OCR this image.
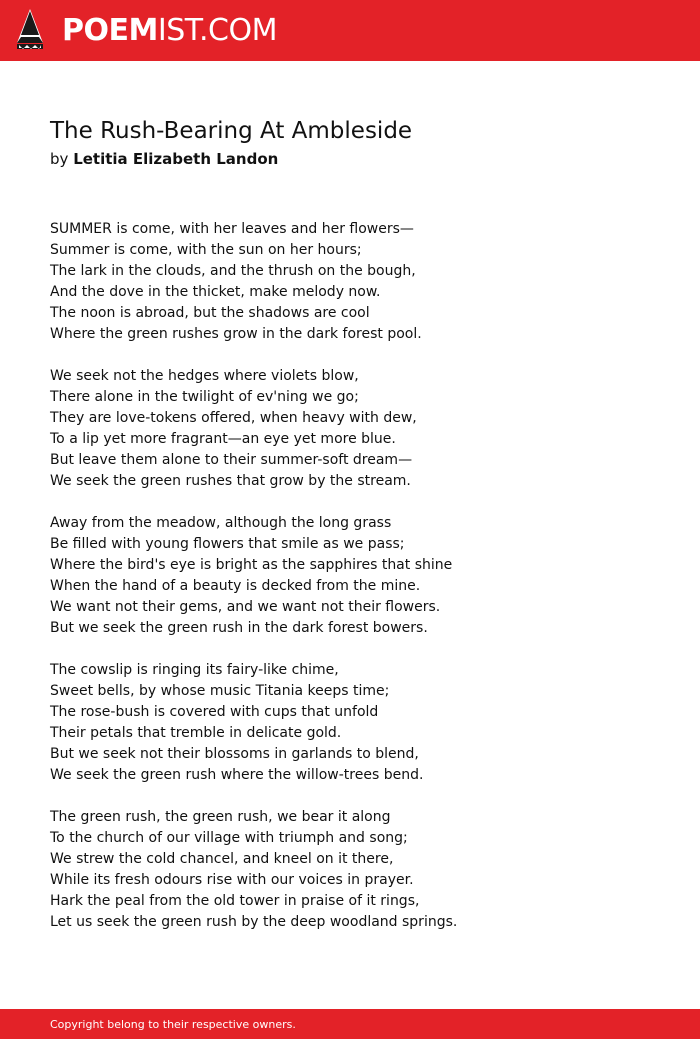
POEMIST.COM
The Rush-Bearing At Ambleside
by Letitia Elizabeth Landon
SUMMER is come, with her leaves and her flowers—
Summer is come, with the sun on her hours;
The lark in the clouds, and the thrush on the bough,
And the dove in the thicket, make melody now.
The noon is abroad, but the shadows are cool
Where the green rushes grow in the dark forest pool.
We seek not the hedges where violets blow,
There alone in the twilight of ev'ning we go;
They are love-tokens offered, when heavy with dew,
To a lip yet more fragrant—an eye yet more blue.
But leave them alone to their summer-soft dream—
We seek the green rushes that grow by the stream.
Away from the meadow, although the long grass
Be filled with young flowers that smile as we pass;
Where the bird's eye is bright as the sapphires that shine
When the hand of a beauty is decked from the mine.
We want not their gems, and we want not their flowers.
But we seek the green rush in the dark forest bowers.
The cowslip is ringing its fairy-like chime,
Sweet bells, by whose music Titania keeps time;
The rose-bush is covered with cups that unfold
Their petals that tremble in delicate gold.
But we seek not their blossoms in garlands to blend,
We seek the green rush where the willow-trees bend.
The green rush, the green rush, we bear it along
To the church of our village with triumph and song;
We strew the cold chancel, and kneel on it there,
While its fresh odours rise with our voices in prayer.
Hark the peal from the old tower in praise of it rings,
Let us seek the green rush by the deep woodland springs.
Copyright belong to their respective owners.
